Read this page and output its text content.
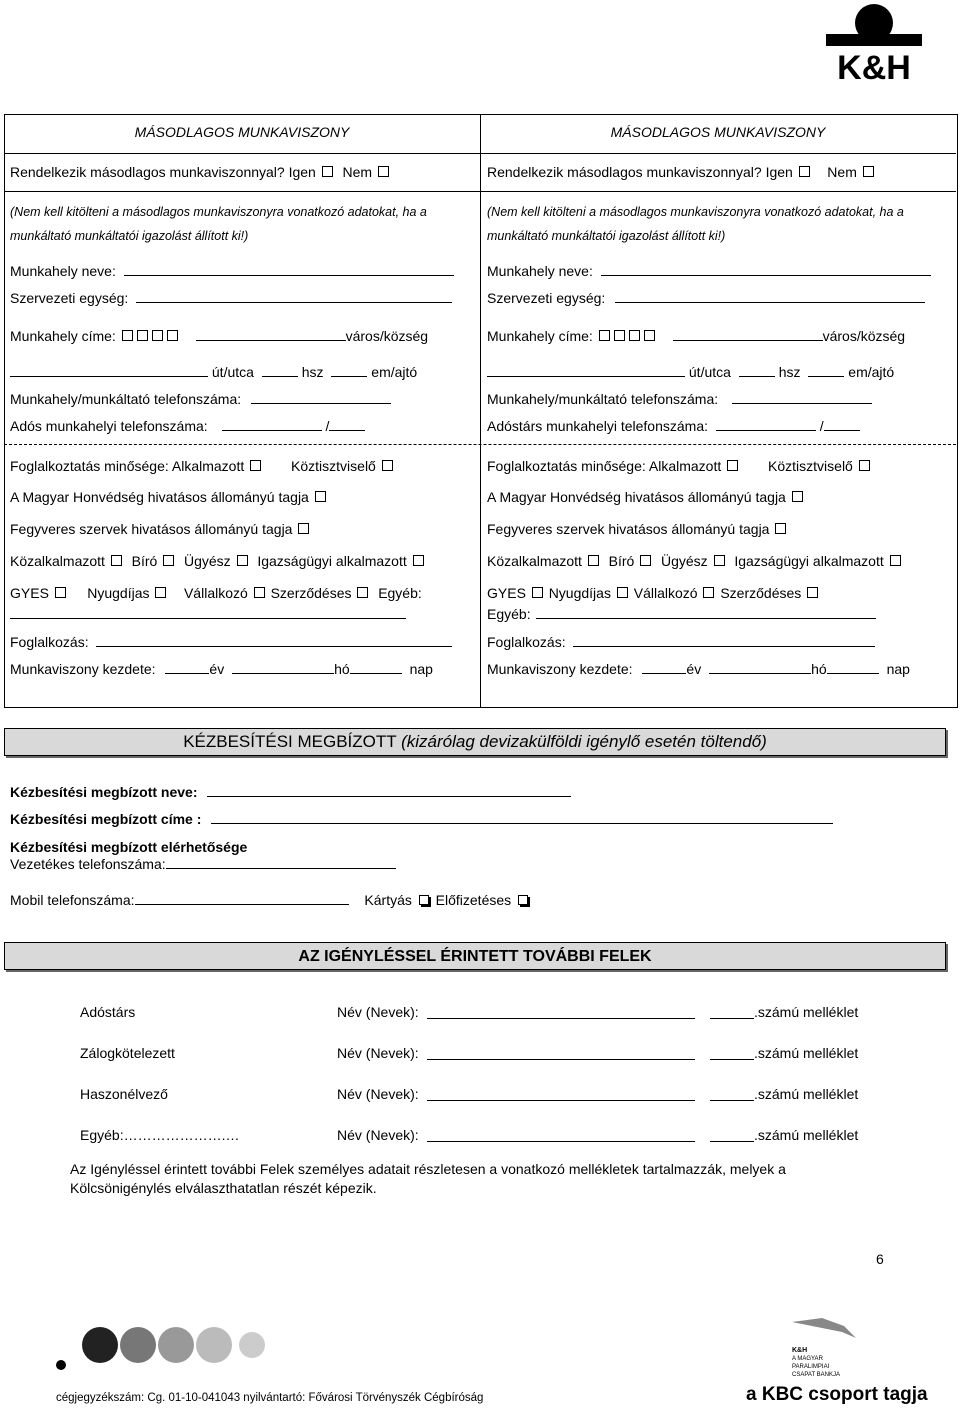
K&H
MÁSODLAGOS MUNKAVISZONY
Rendelkezik másodlagos munkaviszonnyal? Igen Nem
(Nem kell kitölteni a másodlagos munkaviszonyra vonatkozó adatokat, ha a
munkáltató munkáltatói igazolást állított ki!)
Munkahely neve:
Szervezeti egység:
Munkahely címe:	város/község
út/utca	hsz	em/ajtó
Munkahely/munkáltató telefonszáma:
Adós munkahelyi telefonszáma:	/
Foglalkoztatás minősége: Alkalmazott	Köztisztviselő
A Magyar Honvédség hivatásos állományú tagja
Fegyveres szervek hivatásos állományú tagja
Közalkalmazott Bíró Ügyész Igazságügyi alkalmazott
GYES	Nyugdíjas Vállalkozó Szerződéses Egyéb:
Foglalkozás:
Munkaviszony kezdete:	év	hó	nap
MÁSODLAGOS MUNKAVISZONY
Rendelkezik másodlagos munkaviszonnyal? Igen Nem
(Nem kell kitölteni a másodlagos munkaviszonyra vonatkozó adatokat, ha a
munkáltató munkáltatói igazolást állított ki!)
Munkahely neve:
Szervezeti egység:
Munkahely címe:	város/község
út/utca	hsz	em/ajtó
Munkahely/munkáltató telefonszáma:
Adóstárs munkahelyi telefonszáma:	/
Foglalkoztatás minősége: Alkalmazott	Köztisztviselő
A Magyar Honvédség hivatásos állományú tagja
Fegyveres szervek hivatásos állományú tagja
Közalkalmazott Bíró Ügyész Igazságügyi alkalmazott
GYES Nyugdíjas Vállalkozó Szerződéses
Egyéb:
Foglalkozás:
Munkaviszony kezdete:	év	hó	nap
KÉZBESÍTÉSI MEGBÍZOTT (kizárólag devizakülföldi igénylő esetén töltendő)
Kézbesítési megbízott neve:
Kézbesítési megbízott címe :
Kézbesítési megbízott elérhetősége
Vezetékes telefonszáma:
Mobil telefonszáma:	Kártyás Előfizetéses
AZ IGÉNYLÉSSEL ÉRINTETT TOVÁBBI FELEK
Adóstárs	Név (Nevek):	.számú melléklet
Zálogkötelezett	Név (Nevek):	.számú melléklet
Haszonélvező	Név (Nevek):	.számú melléklet
Egyéb:………………….…	Név (Nevek):	.számú melléklet
Az Igényléssel érintett további Felek személyes adatait részletesen a vonatkozó mellékletek tartalmazzák, melyek a
Kölcsönigénylés elválaszthatatlan részét képezik.
6
K&H
A MAGYAR
PARALIMPIAI
CSAPAT BANKJA
cégjegyzékszám: Cg. 01-10-041043 nyilvántartó: Fővárosi Törvényszék Cégbíróság	a KBC csoport tagja
